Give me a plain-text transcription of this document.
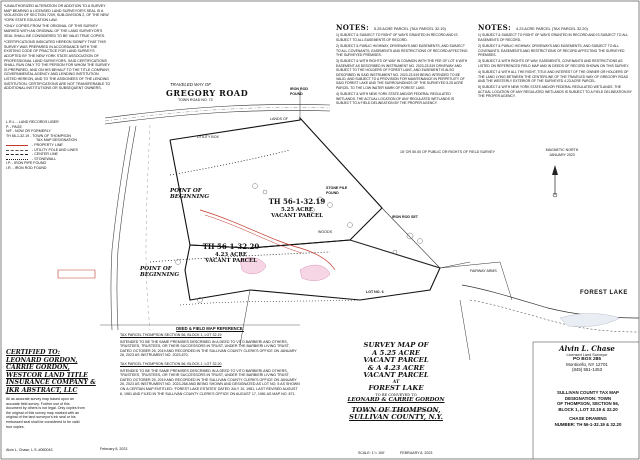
*UNAUTHORIZED ALTERATION OR ADDITION TO A SURVEY MAP BEARING A LICENSED LAND SURVEYOR'S SEAL IS A VIOLATION OF SECTION 7209, SUB-DIVISION 2, OF THE NEW YORK STATE EDUCATION LAW.
*ONLY COPIES FROM THE ORIGINAL OF THIS SURVEY MARKED WITH AN ORIGINAL OF THE LAND SURVEYOR'S SEAL SHALL BE CONSIDERED TO BE VALID TRUE COPIES.
*CERTIFICATIONS INDICATED HEREON SIGNIFY THAT THIS SURVEY WAS PREPARED IN ACCORDANCE WITH THE EXISTING CODE OF PRACTICE FOR LAND SURVEYS ADOPTED BY THE NEW YORK STATE ASSOCIATION OF PROFESSIONAL LAND SURVEYORS. SAID CERTIFICATIONS SHALL RUN ONLY TO THE PERSON FOR WHOM THE SURVEY IS PREPARED, AND ON HIS BEHALF TO THE TITLE COMPANY, GOVERNMENTAL AGENCY AND LENDING INSTITUTION LISTED HEREON, AND TO THE ASSIGNEES OF THE LENDING INSTITUTION. CERTIFICATIONS ARE NOT TRANSFERABLE TO ADDITIONAL INSTITUTIONS OR SUBSEQUENT OWNERS.
L.R.L. - LAND RECORDS LIBER
P. - PAGE
N/F - NOW OR FORMERLY
TH 56-1-32.19 - TOWN OF THOMPSON
TAX MAP DESIGNATION
- PROPERTY LINE
- UTILITY POLE AND LINES
- CENTER LINE
- STONEWALL
I.P. - IRON PIPE FOUND
I.R. - IRON ROD FOUND
NOTES: 5.25 ACRE PARCEL (TAX PARCEL 32.19)
1) SUBJECT & SUBJECT TO RIGHT OF WAYS GRANTED IN RECORD AND IS SUBJECT TO ALL EASEMENTS OF RECORD.
2) SUBJECT & PUBLIC HIGHWAY, DRIVEWAYS AND EASEMENTS, AND SUBJECT TO ALL COVENANTS, EASEMENTS AND RESTRICTIONS OF RECORD AFFECTING THE SURVEYED PREMISES.
3) SUBJECT & WITH RIGHTS OF WAY IN COMMON WITH THE FEE OF LOT 6 WITH EASEMENT AS DESCRIBED IN INSTRUMENT NO. 2023-23-519 DRIVEWAY AND SUBJECT TO THE HOLDERS OF FOREST LAKE, AND EASEMENT IS ALSO DESCRIBED IN SAID INSTRUMENT NO. 2023-23-519 BEING INTENDED TO BE VALID, AND SUBJECT TO A PROVISION FOR MAINTENANCE IN PERPETUITY OF SAID FOREST LAKE AND THE SURROUNDINGS OF THE SURVEYED 5.25 ACRE PARCEL TO THE LOW WATER MARK OF FOREST LAKE.
4) SUBJECT & WITH NEW YORK STATE AND/OR FEDERAL REGULATED WETLANDS. THE ACTUAL LOCATION OF ANY REGULATED WETLANDS IS SUBJECT TO A FIELD DELINEATION BY THE PROPER AGENCY.
NOTES: 4.23 ACRE PARCEL (TAX PARCEL 32.20)
1) SUBJECT & SUBJECT TO RIGHT OF WAYS GRANTED IN RECORD AND IS SUBJECT TO ALL EASEMENTS OF RECORD.
2) SUBJECT & PUBLIC HIGHWAY, DRIVEWAYS AND EASEMENTS, AND SUBJECT TO ALL COVENANTS, EASEMENTS AND RESTRICTIONS OF RECORD AFFECTING THE SURVEYED PREMISES.
3) SUBJECT & WITH RIGHTS OF WAY, EASEMENTS, COVENANTS AND RESTRICTIONS AS LISTED ON REFERENCED FIELD MAP AND IN DEEDS OF RECORD SHOWN ON THIS SURVEY.
4) SUBJECT & WITH ALL THE RIGHT, TITLE AND INTEREST OF THE OWNER OR HOLDERS OF THE LAND LYING BETWEEN THE CENTERLINE OF THE TRAVELED WAY OF GREGORY ROAD AND THE WESTERLY EXTERIOR OF THE SURVEYED 4.23 ACRE PARCEL.
5) SUBJECT & WITH NEW YORK STATE AND/OR FEDERAL REGULATED WETLANDS. THE ACTUAL LOCATION OF ANY REGULATED WETLANDS IS SUBJECT TO A FIELD DELINEATION BY THE PROPER AGENCY.
15' OR 50.00 OF PUBLIC OR RIGHTS OF FIELD SURVEY
TRAVELED WAY OF
GREGORY ROAD
TOWN ROAD NO. 73
POINT OF BEGINNING
POINT OF BEGINNING
TH 56-1-32.19
5.25 ACRE
VACANT PARCEL
TH 56-1-32.20
4.23 ACRE
VACANT PARCEL
MAGNETIC NORTH JANUARY 2023
FOREST LAKE
STONE PILE FOUND
LOT NO. 6
LANDS OF
IRON ROD FOUND
IRON ROD SET
WOODS
UTILITY BOX
FAIRWAY ARMS
DEED & FIELD MAP REFERENCE:
TAX PARCEL THOMPSON SECTION 56, BLOCK 1, LOT 32.19
INTENDED TO BE THE SAME PREMISES DESCRIBED IN A DEED TO VITO BARBIERI AND OTHERS, TRUSTEES, TRUSTEES, OR THEIR SUCCESSORS IN TRUST, UNDER THE BARBIERI LIVING TRUST, DATED OCTOBER 25, 2019 AND RECORDED IN THE SULLIVAN COUNTY CLERK'S OFFICE ON JANUARY 26, 2023 AS INSTRUMENT NO. 2023-570.
TAX PARCEL THOMPSON SECTION 56, BLOCK 1, LOT 32.20
INTENDED TO BE THE SAME PREMISES DESCRIBED IN A DEED TO VITO BARBIERI AND OTHERS, TRUSTEES, TRUSTEES, OR THEIR SUCCESSORS IN TRUST, UNDER THE BARBIERI LIVING TRUST, DATED OCTOBER 25, 2019 AND RECORDED IN THE SULLIVAN COUNTY CLERK'S OFFICE ON JANUARY 26, 2023 AS INSTRUMENT NO. 2023-268 AND BEING SHOWN AND DESIGNATED AS LOT NO. 5 AS SHOWN ON A CERTAIN MAP ENTITLED: 'FOREST LAKE ESTATES' DATED JULY 10, 1981, LAST REVISED AUGUST 6, 1981 AND FILED IN THE SULLIVAN COUNTY CLERK'S OFFICE ON AUGUST 17, 1981 AS MAP NO. 871.
CERTIFIED TO:
LEONARD GORDON,
CARRIE GORDON,
WESTCOR LAND TITLE
INSURANCE COMPANY &
JKR ABSTRACT, LLC
All as accurate survey map based upon an accurate field survey. Further use of this document by others is not legal. Only copies from the original of this survey map marked with an original of the land surveyor's ink seal or his embossed seal shall be considered to be valid true copies.
Alvin L. Chase, L.S. #050043	February 8, 2023
SURVEY MAP OF
A 5.25 ACRE
VACANT PARCEL
& A 4.23 ACRE
VACANT PARCEL
AT
FOREST LAKE
TO BE CONVEYED TO
LEONARD & CARRIE GORDON
TOWN OF THOMPSON,
SULLIVAN COUNTY, N.Y.
SCALE: 1"= 100'	FEBRUARY 8, 2023
Alvin L. Chase
Licensed Land Surveyor
PO BOX 285
Monticello, NY 12701
(845) 551-1453
SULLIVAN COUNTY TAX MAP
DESIGNATION: TOWN
OF THOMPSON, SECTION 56,
BLOCK 1, LOT 32.19 & 32.20
CHASE DRAWING
NUMBER: TH 56-1-32.19 & 32.20
